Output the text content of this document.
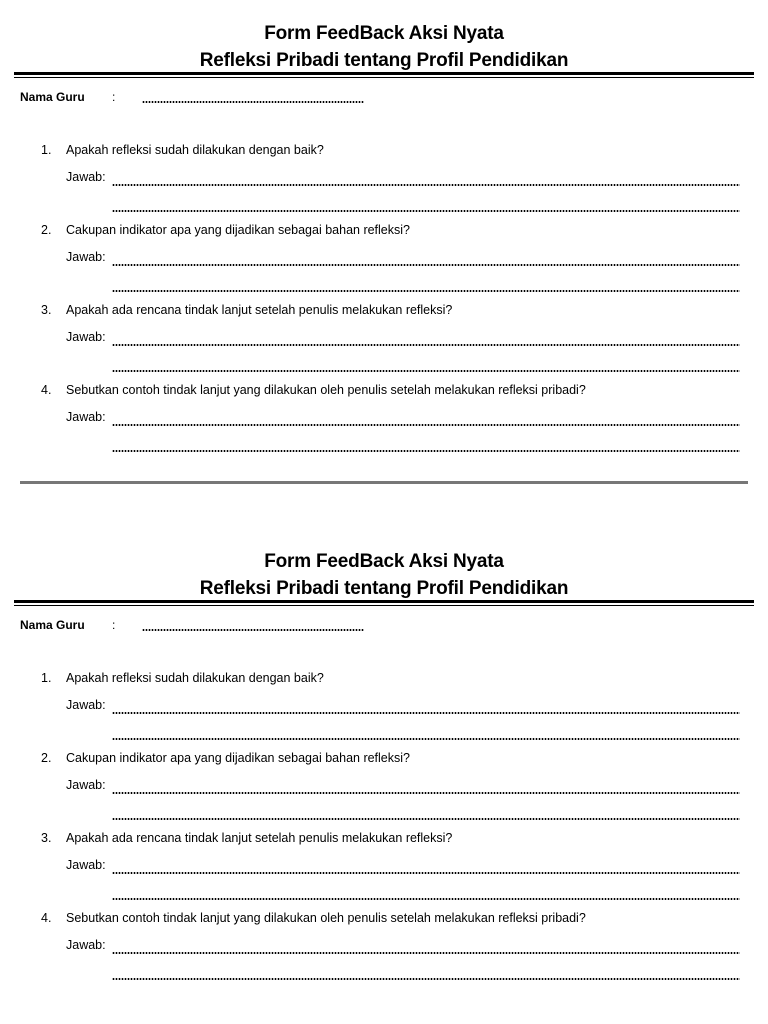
Form FeedBack Aksi Nyata
Refleksi Pribadi tentang Profil Pendidikan
Nama Guru :
1. Apakah refleksi sudah dilakukan dengan baik?
Jawab:
2. Cakupan indikator apa yang dijadikan sebagai bahan refleksi?
Jawab:
3. Apakah ada rencana tindak lanjut setelah penulis melakukan refleksi?
Jawab:
4. Sebutkan contoh tindak lanjut yang dilakukan oleh penulis setelah melakukan refleksi pribadi?
Jawab:
Form FeedBack Aksi Nyata
Refleksi Pribadi tentang Profil Pendidikan
Nama Guru :
1. Apakah refleksi sudah dilakukan dengan baik?
Jawab:
2. Cakupan indikator apa yang dijadikan sebagai bahan refleksi?
Jawab:
3. Apakah ada rencana tindak lanjut setelah penulis melakukan refleksi?
Jawab:
4. Sebutkan contoh tindak lanjut yang dilakukan oleh penulis setelah melakukan refleksi pribadi?
Jawab:
